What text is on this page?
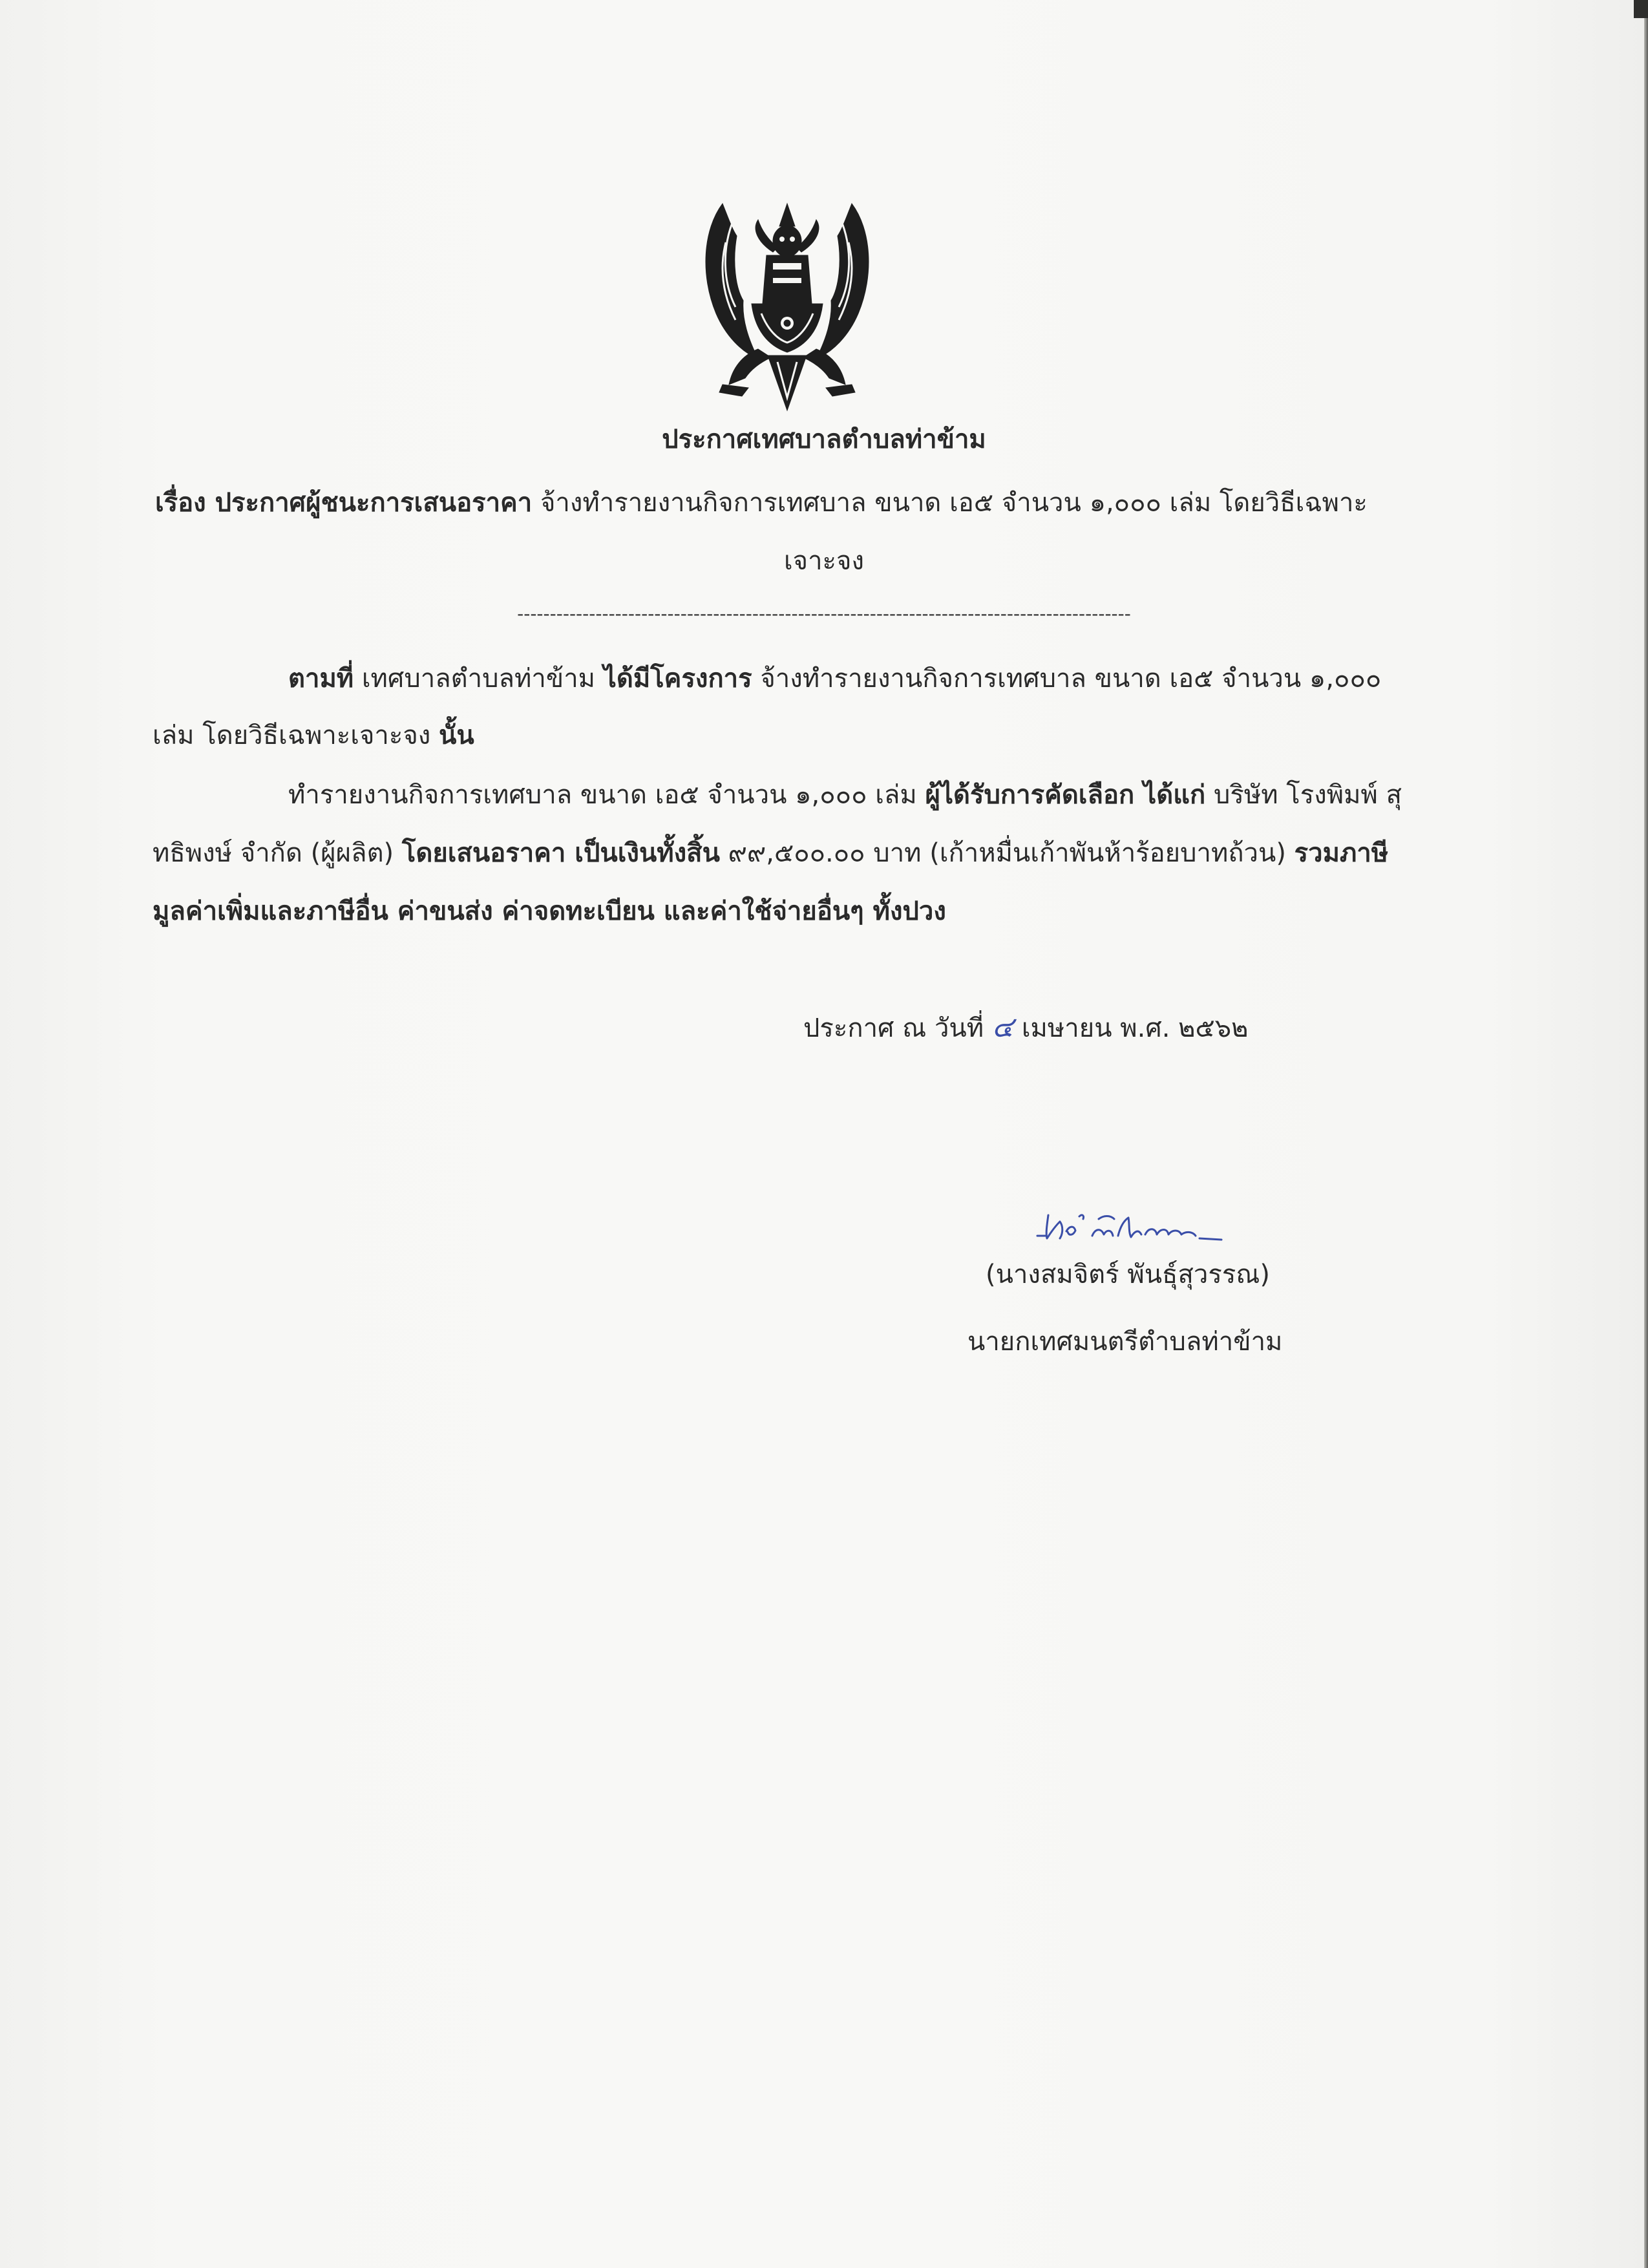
ประกาศเทศบาลตำบลท่าข้าม
เรื่อง ประกาศผู้ชนะการเสนอราคา จ้างทำรายงานกิจการเทศบาล ขนาด เอ๕ จำนวน ๑,๐๐๐ เล่ม โดยวิธีเฉพาะ
เจาะจง
----------------------------------------------------------------------------------------------
ตามที่ เทศบาลตำบลท่าข้าม ได้มีโครงการ จ้างทำรายงานกิจการเทศบาล ขนาด เอ๕ จำนวน ๑,๐๐๐
เล่ม โดยวิธีเฉพาะเจาะจง นั้น
ทำรายงานกิจการเทศบาล ขนาด เอ๕ จำนวน ๑,๐๐๐ เล่ม ผู้ได้รับการคัดเลือก ได้แก่ บริษัท โรงพิมพ์ สุ
ทธิพงษ์ จำกัด (ผู้ผลิต) โดยเสนอราคา เป็นเงินทั้งสิ้น ๙๙,๕๐๐.๐๐ บาท (เก้าหมื่นเก้าพันห้าร้อยบาทถ้วน) รวมภาษี
มูลค่าเพิ่มและภาษีอื่น ค่าขนส่ง ค่าจดทะเบียน และค่าใช้จ่ายอื่นๆ ทั้งปวง
ประกาศ ณ วันที่ ๔ เมษายน พ.ศ. ๒๕๖๒
(นางสมจิตร์ พันธุ์สุวรรณ)
นายกเทศมนตรีตำบลท่าข้าม
